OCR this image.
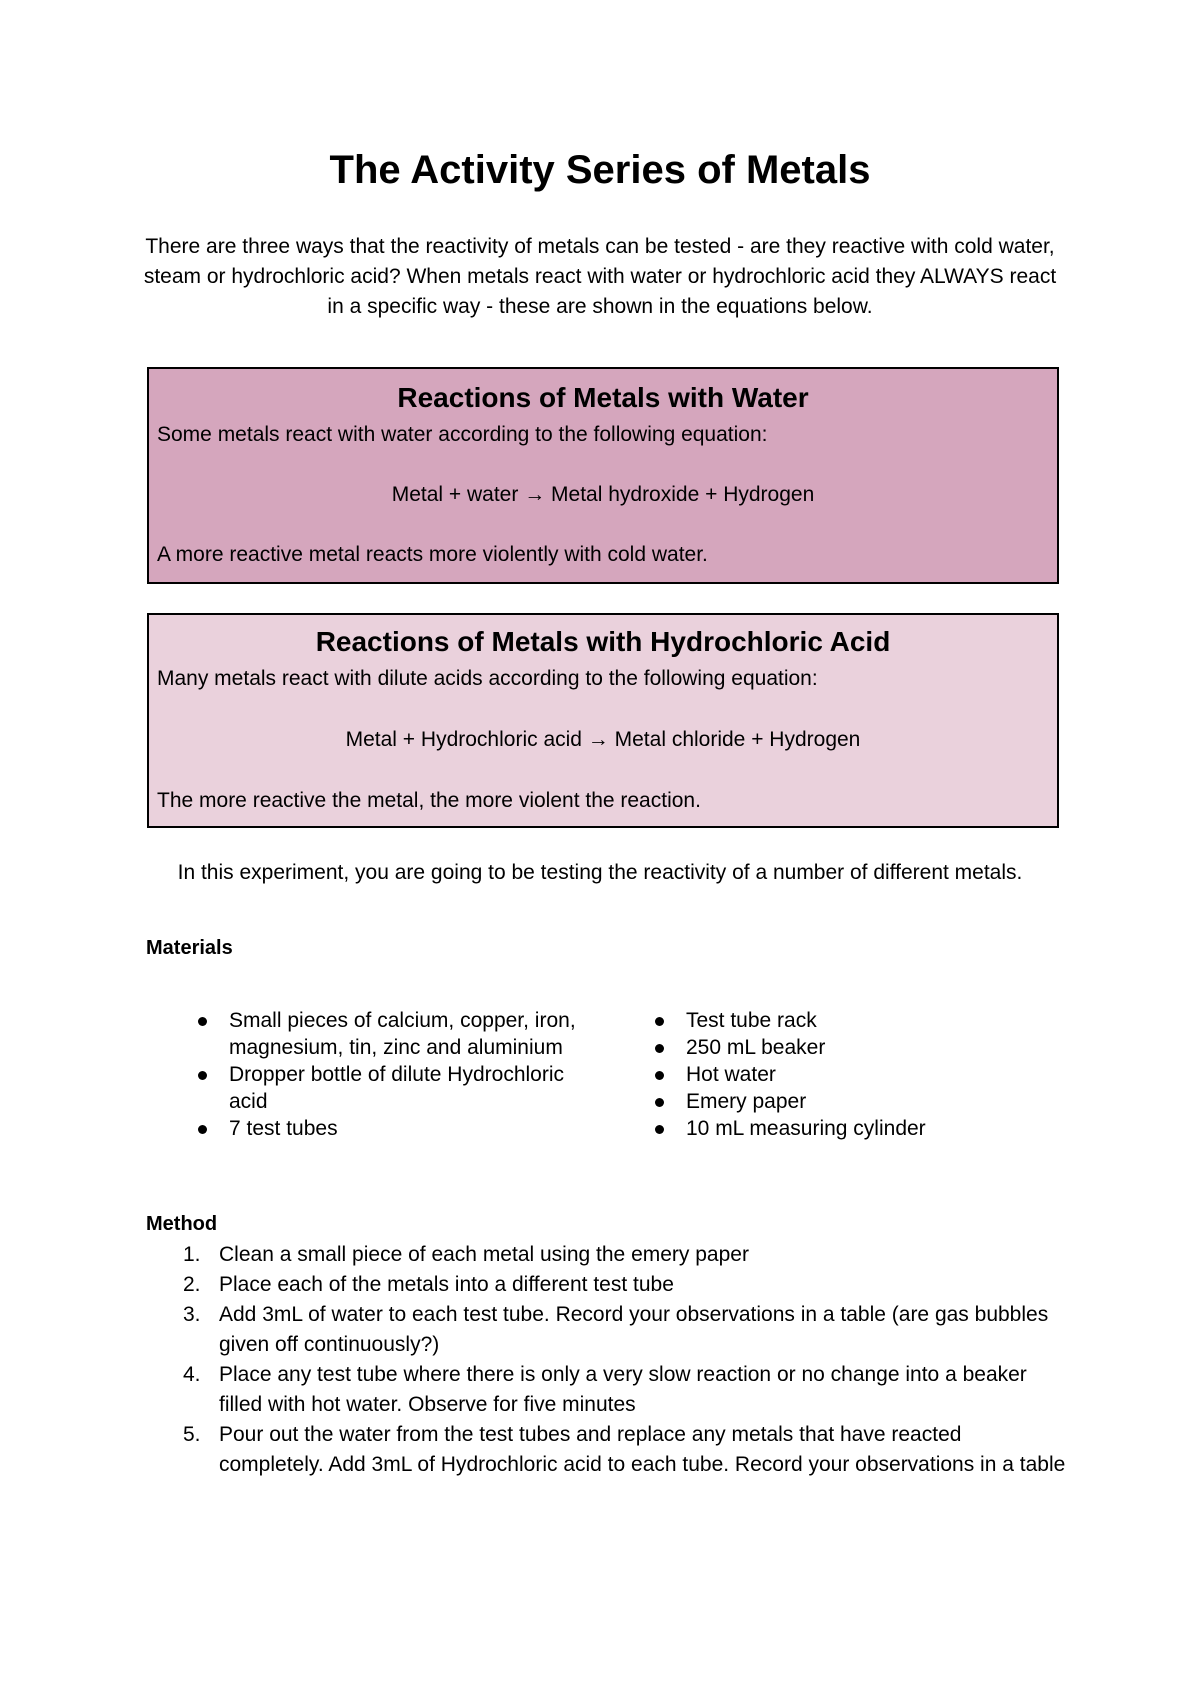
The Activity Series of Metals

There are three ways that the reactivity of metals can be tested - are they reactive with cold water, steam or hydrochloric acid? When metals react with water or hydrochloric acid they ALWAYS react in a specific way - these are shown in the equations below.

Reactions of Metals with Water
Some metals react with water according to the following equation:
Metal + water → Metal hydroxide + Hydrogen
A more reactive metal reacts more violently with cold water.
Reactions of Metals with Hydrochloric Acid
Many metals react with dilute acids according to the following equation:
Metal + Hydrochloric acid → Metal chloride + Hydrogen
The more reactive the metal, the more violent the reaction.
In this experiment, you are going to be testing the reactivity of a number of different metals.
Materials
Small pieces of calcium, copper, iron, magnesium, tin, zinc and aluminium
Dropper bottle of dilute Hydrochloric acid
7 test tubes
Test tube rack
250 mL beaker
Hot water
Emery paper
10 mL measuring cylinder
Method
1. Clean a small piece of each metal using the emery paper
2. Place each of the metals into a different test tube
3. Add 3mL of water to each test tube. Record your observations in a table (are gas bubbles given off continuously?)
4. Place any test tube where there is only a very slow reaction or no change into a beaker filled with hot water. Observe for five minutes
5. Pour out the water from the test tubes and replace any metals that have reacted completely. Add 3mL of Hydrochloric acid to each tube. Record your observations in a table
